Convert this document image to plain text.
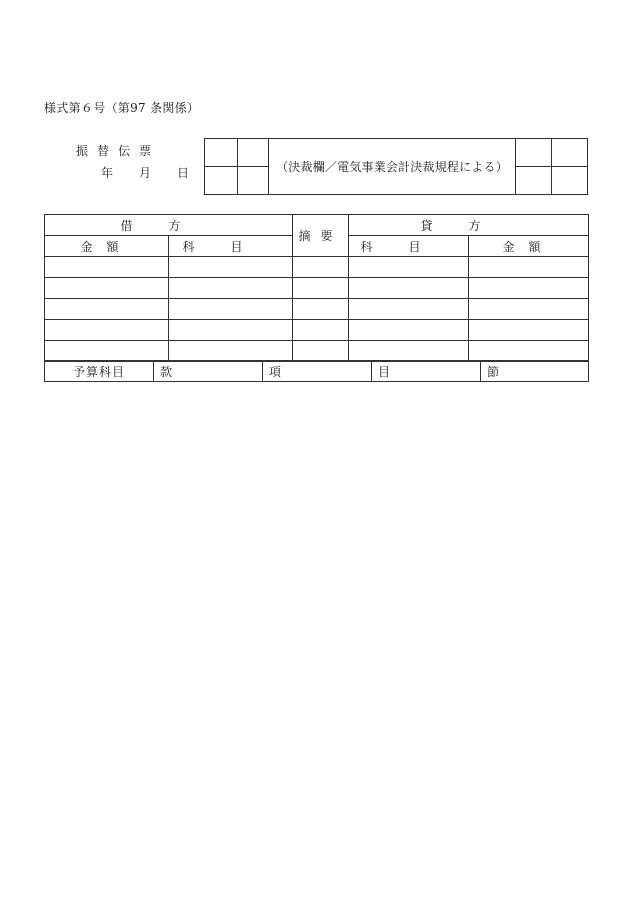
様式第６号（第97 条関係）
振替伝票
年	月	日
			（決裁欄／電気事業会計決裁規程による）		

借方		摘要	貸方	
金額	科目		科目	金額

予算科目	款	項	目	節
